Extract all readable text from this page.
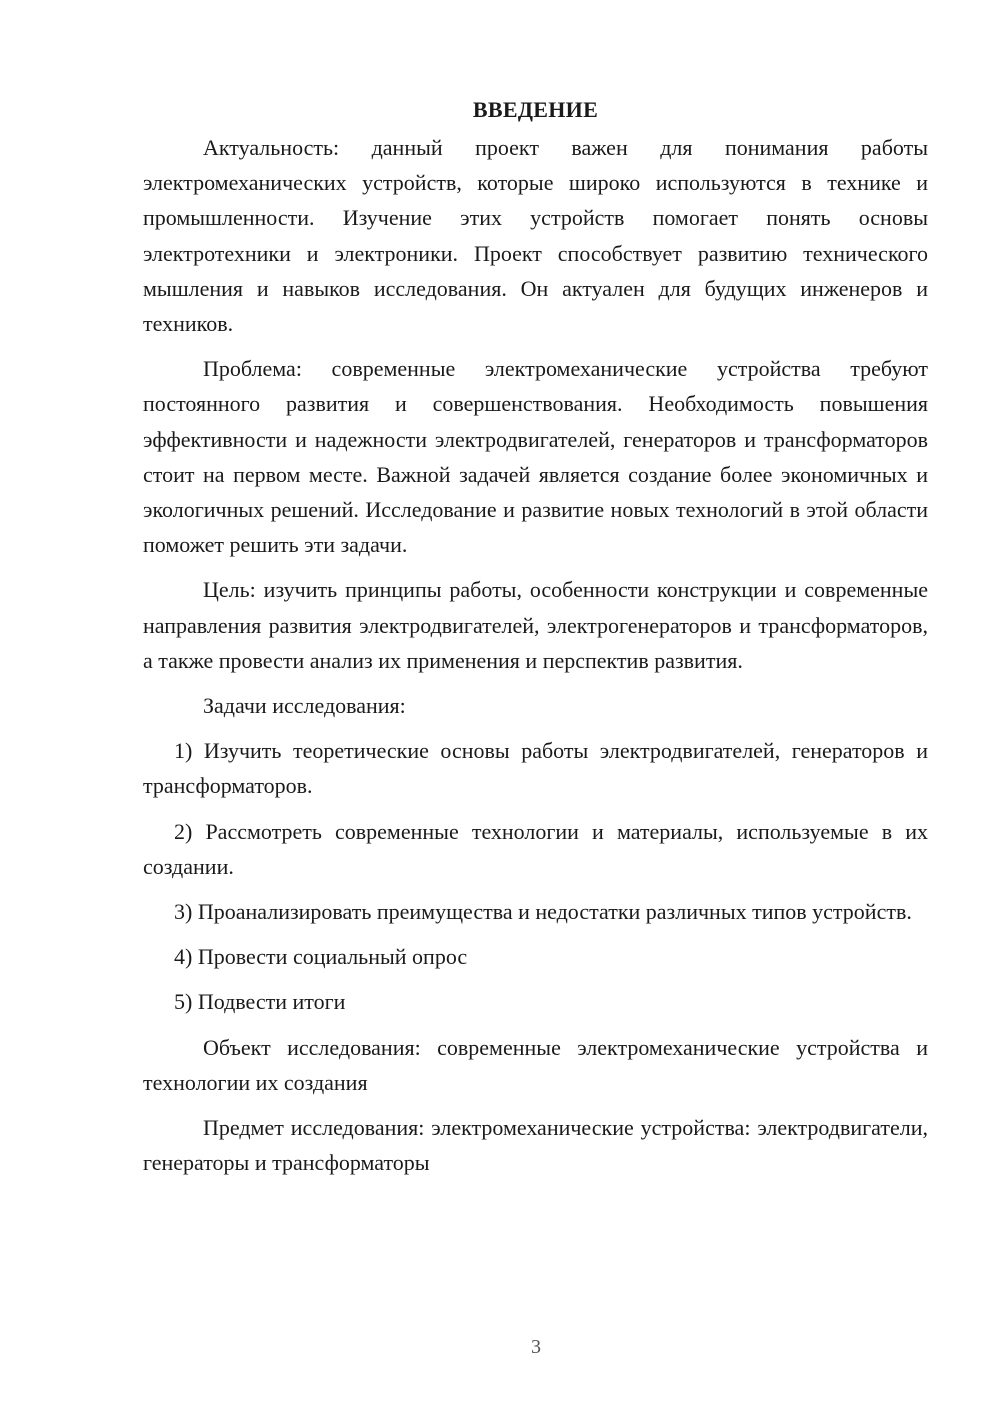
ВВЕДЕНИЕ

Актуальность: данный проект важен для понимания работы электромеханических устройств, которые широко используются в технике и промышленности. Изучение этих устройств помогает понять основы электротехники и электроники. Проект способствует развитию технического мышления и навыков исследования. Он актуален для будущих инженеров и техников.

Проблема: современные электромеханические устройства требуют постоянного развития и совершенствования. Необходимость повышения эффективности и надежности электродвигателей, генераторов и трансформаторов стоит на первом месте. Важной задачей является создание более экономичных и экологичных решений. Исследование и развитие новых технологий в этой области поможет решить эти задачи.

Цель: изучить принципы работы, особенности конструкции и современные направления развития электродвигателей, электрогенераторов и трансформаторов, а также провести анализ их применения и перспектив развития.

Задачи исследования:

1) Изучить теоретические основы работы электродвигателей, генераторов и трансформаторов.

2) Рассмотреть современные технологии и материалы, используемые в их создании.

3) Проанализировать преимущества и недостатки различных типов устройств.

4) Провести социальный опрос

5) Подвести итоги

Объект исследования: современные электромеханические устройства и технологии их создания

Предмет исследования: электромеханические устройства: электродвигатели, генераторы и трансформаторы

3
